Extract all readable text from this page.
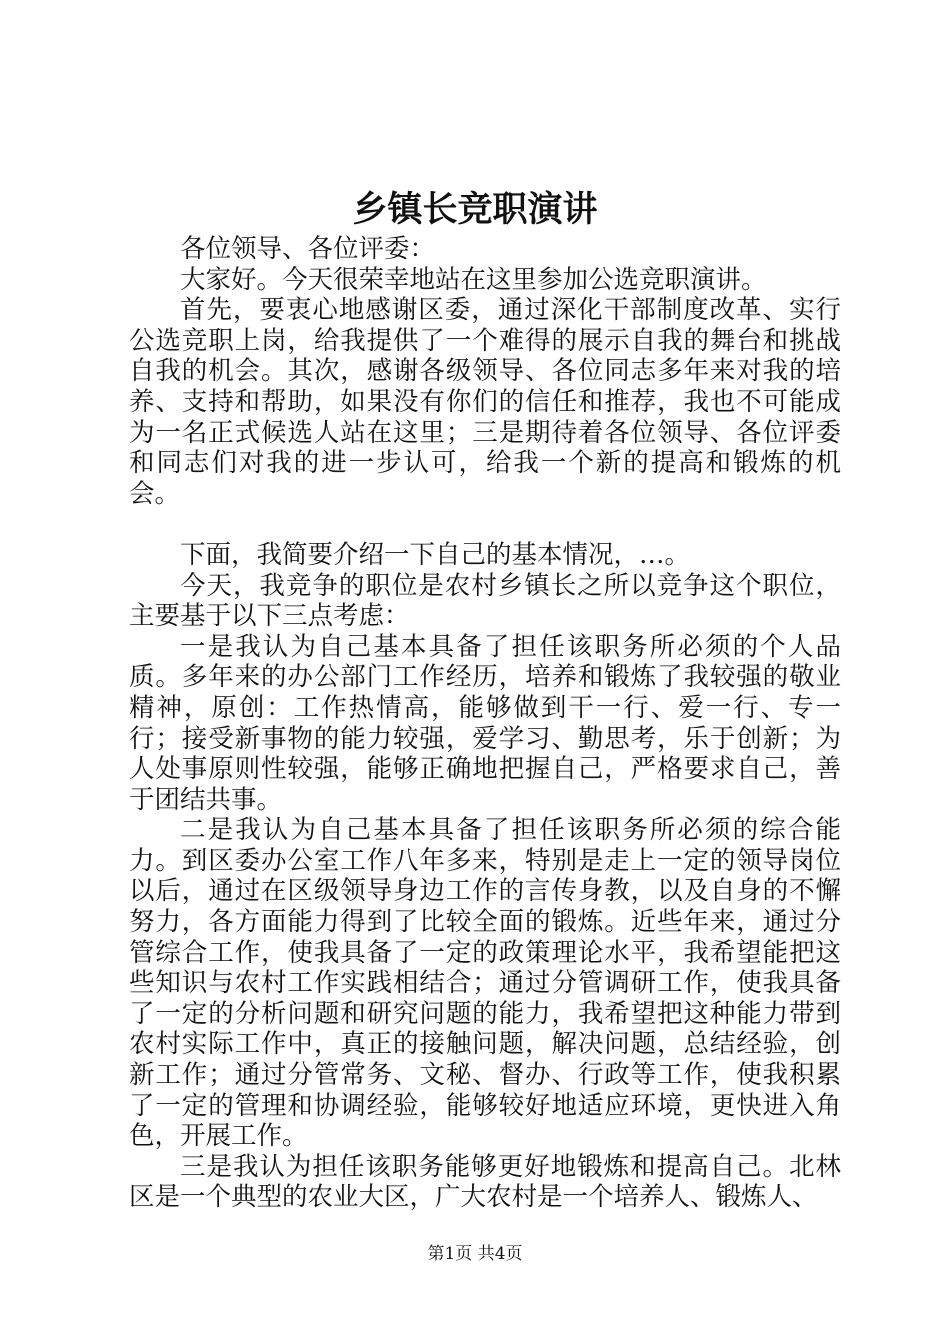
乡镇长竞职演讲

各位领导、各位评委：

大家好。今天很荣幸地站在这里参加公选竞职演讲。

首先，要衷心地感谢区委，通过深化干部制度改革、实行公选竞职上岗，给我提供了一个难得的展示自我的舞台和挑战自我的机会。其次，感谢各级领导、各位同志多年来对我的培养、支持和帮助，如果没有你们的信任和推荐，我也不可能成为一名正式候选人站在这里；三是期待着各位领导、各位评委和同志们对我的进一步认可，给我一个新的提高和锻炼的机会。

下面，我简要介绍一下自己的基本情况，…。

今天，我竞争的职位是农村乡镇长之所以竞争这个职位，主要基于以下三点考虑：

一是我认为自己基本具备了担任该职务所必须的个人品质。多年来的办公部门工作经历，培养和锻炼了我较强的敬业精神，原创：工作热情高，能够做到干一行、爱一行、专一行；接受新事物的能力较强，爱学习、勤思考，乐于创新；为人处事原则性较强，能够正确地把握自己，严格要求自己，善于团结共事。

二是我认为自己基本具备了担任该职务所必须的综合能力。到区委办公室工作八年多来，特别是走上一定的领导岗位以后，通过在区级领导身边工作的言传身教，以及自身的不懈努力，各方面能力得到了比较全面的锻炼。近些年来，通过分管综合工作，使我具备了一定的政策理论水平，我希望能把这些知识与农村工作实践相结合；通过分管调研工作，使我具备了一定的分析问题和研究问题的能力，我希望把这种能力带到农村实际工作中，真正的接触问题，解决问题，总结经验，创新工作；通过分管常务、文秘、督办、行政等工作，使我积累了一定的管理和协调经验，能够较好地适应环境，更快进入角色，开展工作。

三是我认为担任该职务能够更好地锻炼和提高自己。北林区是一个典型的农业大区，广大农村是一个培养人、锻炼人、

第1页 共4页
